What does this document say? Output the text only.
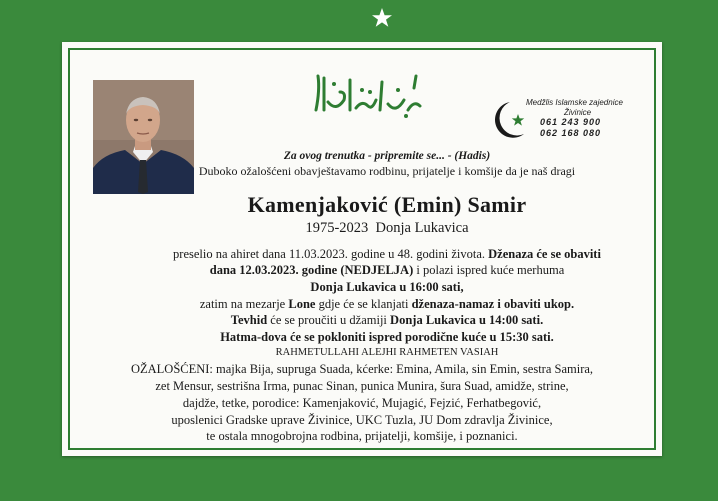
Medžlis Islamske zajednice
Živinice
061 243 900
062 168 080
Za ovog trenutka - pripremite se... - (Hadis)
Duboko ožalošćeni obavještavamo rodbinu, prijatelje i komšije da je naš dragi
Kamenjaković (Emin) Samir
1975-2023 Donja Lukavica
preselio na ahiret dana 11.03.2023. godine u 48. godini života. Dženaza će se obaviti
dana 12.03.2023. godine (NEDJELJA) i polazi ispred kuće merhuma
Donja Lukavica u 16:00 sati,
zatim na mezarje Lone gdje će se klanjati dženaza-namaz i obaviti ukop.
Tevhid će se proučiti u džamiji Donja Lukavica u 14:00 sati.
Hatma-dova će se pokloniti ispred porodične kuće u 15:30 sati.
RAHMETULLAHI ALEJHI RAHMETEN VASIAH
OŽALOŠĆENI: majka Bija, supruga Suada, kćerke: Emina, Amila, sin Emin, sestra Samira,
zet Mensur, sestrišna Irma, punac Sinan, punica Munira, šura Suad, amidže, strine,
dajdže, tetke, porodice: Kamenjaković, Mujagić, Fejzić, Ferhatbegović,
uposlenici Gradske uprave Živinice, UKC Tuzla, JU Dom zdravlja Živinice,
te ostala mnogobrojna rodbina, prijatelji, komšije, i poznanici.
